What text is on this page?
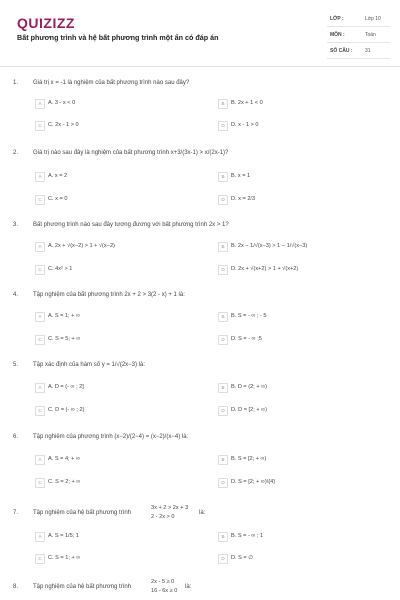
QUIZIZZ
Bất phương trình và hệ bất phương trình một ẩn có đáp án
LỚP :	Lớp 10
MÔN :	Toán
SỐ CÂU :	31
1. Giá trị x = -1 là nghiệm của bất phương trình nào sau đây?
A	A. 3 - x < 0	B	B. 2x + 1 < 0
C	C. 2x - 1 > 0	D	D. x - 1 > 0
2. Giá trị nào sau đây là nghiệm của bất phương trình x+3/(3x-1) > x/(2x-1)?
A	A. x = 2	B	B. x = 1
C	C. x = 0	D	D. x = 2/3
3. Bất phương trình nào sau đây tương đương với bất phương trình 2x > 1?
A	A. 2x + √(x−2) > 1 + √(x−2)	B	B. 2x − 1/√(x−3) > 1 − 1/√(x−3)
C	C. 4x² > 1	D	D. 2x + √(x+2) > 1 + √(x+2)
4. Tập nghiệm của bất phương trình 2x + 2 > 3(2 - x) + 1 là:
A	A. S = 1; + ∞	B	B. S = - ∞ ; - 5
C	C. S = 5; + ∞	D	D. S = - ∞ ;5
5. Tập xác định của hàm số y = 1/√(2x−3) là:
A	A. D = (- ∞ ; 2]	B	B. D = (2; + ∞)
C	C. D = (- ∞ ; 2)	D	D. D = [2; + ∞)
6. Tập nghiệm của phương trình (x−2)/(2−4) = (x−2)/(x−4) là:
A	A. S = 4; + ∞	B	B. S = [2; + ∞)
C	C. S = 2; + ∞	D	D. S = [2; + ∞)\{4}
7. Tập nghiệm của hệ bất phương trình
3x + 2 > 2x + 3
2 - 2x > 0
là:
A	A. S = 1/5; 1	B	B. S = - ∞ ; 1
C	C. S = 1; + ∞	D	D. S = ∅
8. Tập nghiệm của hệ bất phương trình
2x - 5 ≥ 0
16 - 6x ≥ 0
là:
